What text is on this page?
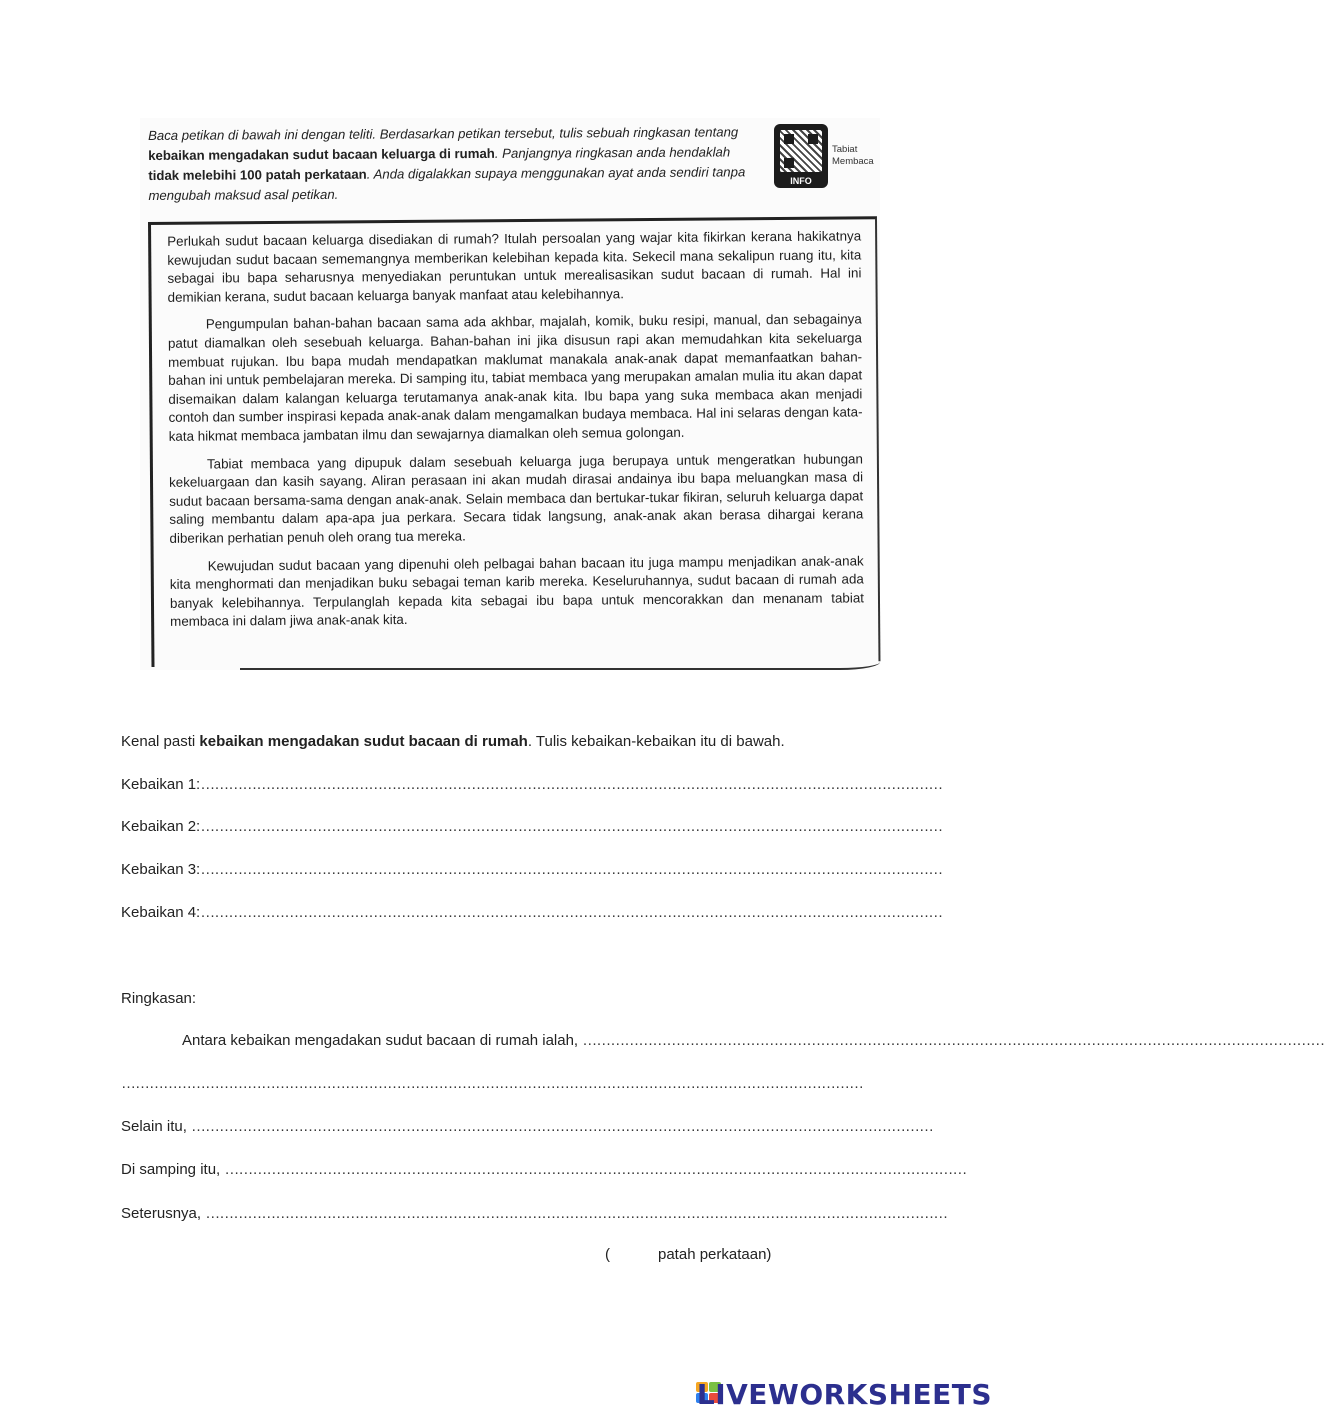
Baca petikan di bawah ini dengan teliti. Berdasarkan petikan tersebut, tulis sebuah ringkasan tentang kebaikan mengadakan sudut bacaan keluarga di rumah. Panjangnya ringkasan anda hendaklah tidak melebihi 100 patah perkataan. Anda digalakkan supaya menggunakan ayat anda sendiri tanpa mengubah maksud asal petikan.
INFO
Tabiat
Membaca

Perlukah sudut bacaan keluarga disediakan di rumah? Itulah persoalan yang wajar kita fikirkan kerana hakikatnya kewujudan sudut bacaan sememangnya memberikan kelebihan kepada kita. Sekecil mana sekalipun ruang itu, kita sebagai ibu bapa seharusnya menyediakan peruntukan untuk merealisasikan sudut bacaan di rumah. Hal ini demikian kerana, sudut bacaan keluarga banyak manfaat atau kelebihannya.

Pengumpulan bahan-bahan bacaan sama ada akhbar, majalah, komik, buku resipi, manual, dan sebagainya patut diamalkan oleh sesebuah keluarga. Bahan-bahan ini jika disusun rapi akan memudahkan kita sekeluarga membuat rujukan. Ibu bapa mudah mendapatkan maklumat manakala anak-anak dapat memanfaatkan bahan-bahan ini untuk pembelajaran mereka. Di samping itu, tabiat membaca yang merupakan amalan mulia itu akan dapat disemaikan dalam kalangan keluarga terutamanya anak-anak kita. Ibu bapa yang suka membaca akan menjadi contoh dan sumber inspirasi kepada anak-anak dalam mengamalkan budaya membaca. Hal ini selaras dengan kata-kata hikmat membaca jambatan ilmu dan sewajarnya diamalkan oleh semua golongan.

Tabiat membaca yang dipupuk dalam sesebuah keluarga juga berupaya untuk mengeratkan hubungan kekeluargaan dan kasih sayang. Aliran perasaan ini akan mudah dirasai andainya ibu bapa meluangkan masa di sudut bacaan bersama-sama dengan anak-anak. Selain membaca dan bertukar-tukar fikiran, seluruh keluarga dapat saling membantu dalam apa-apa jua perkara. Secara tidak langsung, anak-anak akan berasa dihargai kerana diberikan perhatian penuh oleh orang tua mereka.

Kewujudan sudut bacaan yang dipenuhi oleh pelbagai bahan bacaan itu juga mampu menjadikan anak-anak kita menghormati dan menjadikan buku sebagai teman karib mereka. Keseluruhannya, sudut bacaan di rumah ada banyak kelebihannya. Terpulanglah kepada kita sebagai ibu bapa untuk mencorakkan dan menanam tabiat membaca ini dalam jiwa anak-anak kita.

Kenal pasti kebaikan mengadakan sudut bacaan di rumah. Tulis kebaikan-kebaikan itu di bawah.
Kebaikan 1:……………………………………………………………………………………………………………………………………………
Kebaikan 2:……………………………………………………………………………………………………………………………………………
Kebaikan 3:……………………………………………………………………………………………………………………………………………
Kebaikan 4:……………………………………………………………………………………………………………………………………………
Ringkasan:
Antara kebaikan mengadakan sudut bacaan di rumah ialah, ……………………………………………………………………………………………………………………………………………
……………………………………………………………………………………………………………………………………………
Selain itu, ……………………………………………………………………………………………………………………………………………
Di samping itu, ……………………………………………………………………………………………………………………………………………
Seterusnya, ……………………………………………………………………………………………………………………………………………
(	patah perkataan)
LIVEWORKSHEETS
